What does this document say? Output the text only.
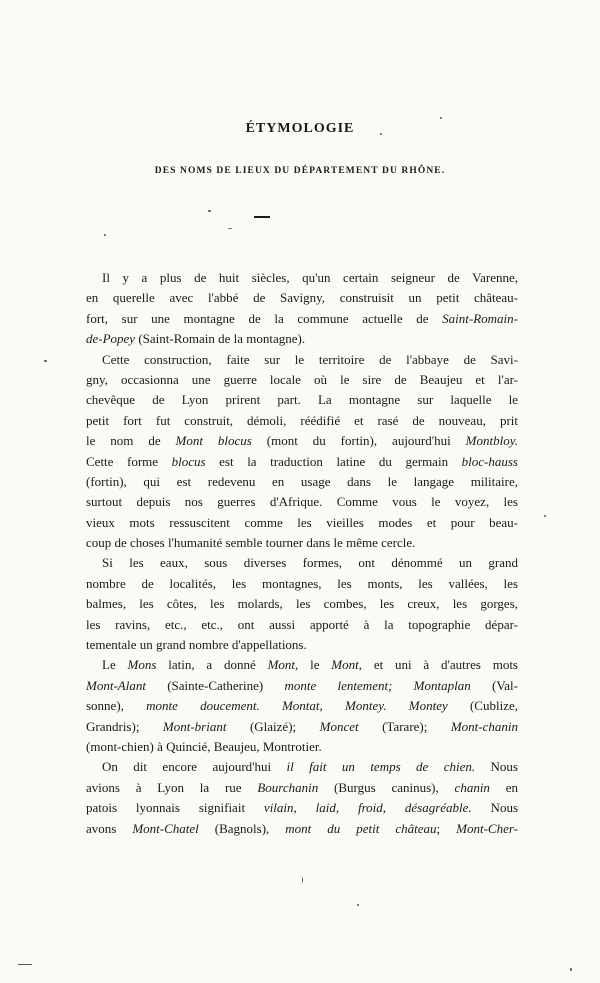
ÉTYMOLOGIE
DES NOMS DE LIEUX DU DÉPARTEMENT DU RHÔNE.
Il y a plus de huit siècles, qu'un certain seigneur de Varenne,
en querelle avec l'abbé de Savigny, construisit un petit château-
fort, sur une montagne de la commune actuelle de Saint-Romain-
de-Popey (Saint-Romain de la montagne).
Cette construction, faite sur le territoire de l'abbaye de Savi-
gny, occasionna une guerre locale où le sire de Beaujeu et l'ar-
chevêque de Lyon prirent part. La montagne sur laquelle le
petit fort fut construit, démoli, réédifié et rasé de nouveau, prit
le nom de Mont blocus (mont du fortin), aujourd'hui Montbloy.
Cette forme blocus est la traduction latine du germain bloc-hauss
(fortin), qui est redevenu en usage dans le langage militaire,
surtout depuis nos guerres d'Afrique. Comme vous le voyez, les
vieux mots ressuscitent comme les vieilles modes et pour beau-
coup de choses l'humanité semble tourner dans le même cercle.
Si les eaux, sous diverses formes, ont dénommé un grand
nombre de localités, les montagnes, les monts, les vallées, les
balmes, les côtes, les molards, les combes, les creux, les gorges,
les ravins, etc., etc., ont aussi apporté à la topographie dépar-
tementale un grand nombre d'appellations.
Le Mons latin, a donné Mont, le Mont, et uni à d'autres mots
Mont-Alant (Sainte-Catherine) monte lentement; Montaplan (Val-
sonne), monte doucement. Montat, Montey. Montey (Cublize,
Grandris); Mont-briant (Glaizé); Moncet (Tarare); Mont-chanin
(mont-chien) à Quincié, Beaujeu, Montrotier.
On dit encore aujourd'hui il fait un temps de chien. Nous
avions à Lyon la rue Bourchanin (Burgus caninus), chanin en
patois lyonnais signifiait vilain, laid, froid, désagréable. Nous
avons Mont-Chatel (Bagnols), mont du petit château; Mont-Cher-
